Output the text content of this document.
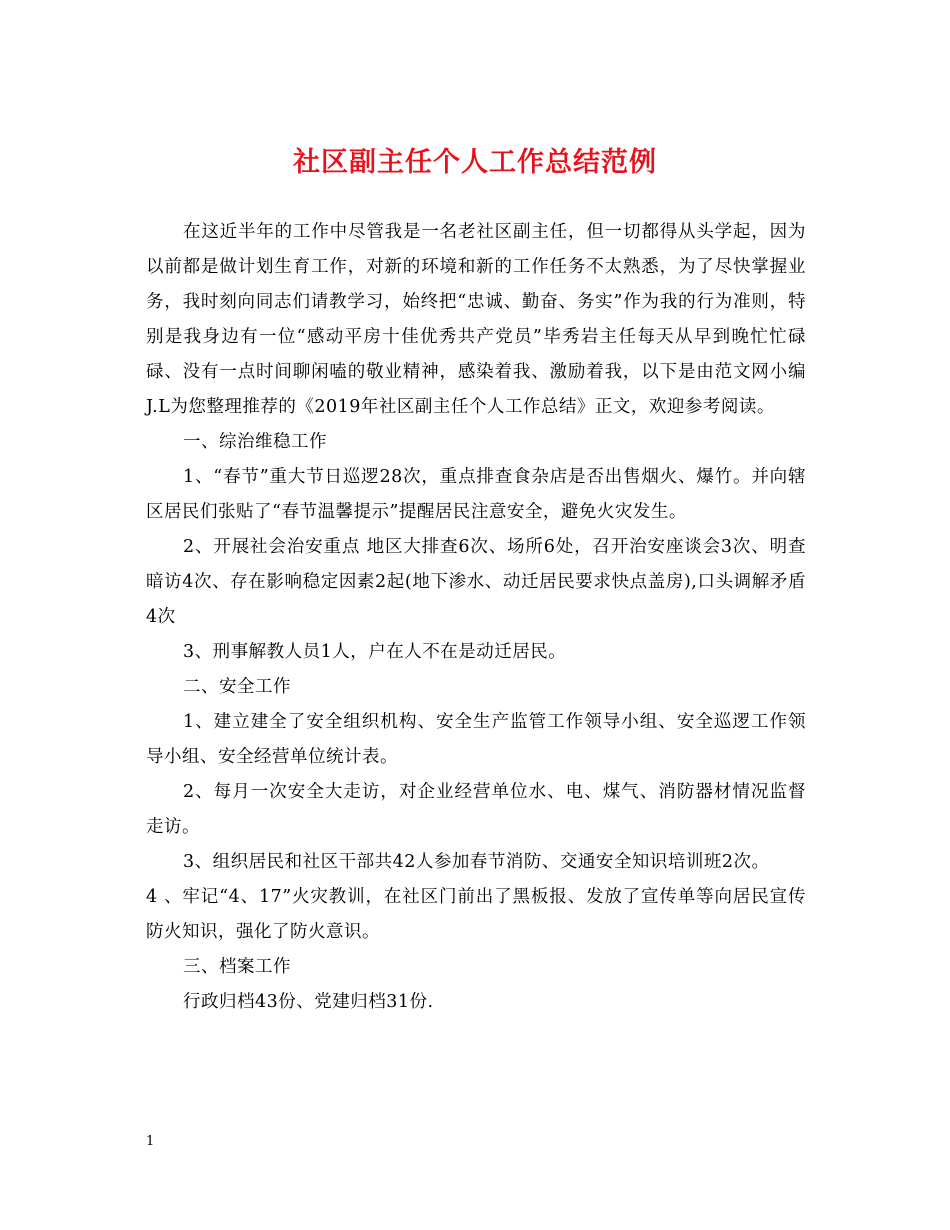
社区副主任个人工作总结范例

在这近半年的工作中尽管我是一名老社区副主任，但一切都得从头学起，因为以前都是做计划生育工作，对新的环境和新的工作任务不太熟悉，为了尽快掌握业务，我时刻向同志们请教学习，始终把“忠诚、勤奋、务实”作为我的行为准则，特别是我身边有一位“感动平房十佳优秀共产党员”毕秀岩主任每天从早到晚忙忙碌碌、没有一点时间聊闲嗑的敬业精神，感染着我、激励着我，以下是由范文网小编J.L为您整理推荐的《2019年社区副主任个人工作总结》正文，欢迎参考阅读。

一、综治维稳工作

1、“春节”重大节日巡逻28次，重点排查食杂店是否出售烟火、爆竹。并向辖区居民们张贴了“春节温馨提示”提醒居民注意安全，避免火灾发生。

2、开展社会治安重点 地区大排查6次、场所6处，召开治安座谈会3次、明查暗访4次、存在影响稳定因素2起(地下渗水、动迁居民要求快点盖房),口头调解矛盾4次

3、刑事解教人员1人，户在人不在是动迁居民。

二、安全工作

1、建立建全了安全组织机构、安全生产监管工作领导小组、安全巡逻工作领导小组、安全经营单位统计表。

2、每月一次安全大走访，对企业经营单位水、电、煤气、消防器材情况监督走访。

3、组织居民和社区干部共42人参加春节消防、交通安全知识培训班2次。

4 、牢记“4、17”火灾教训，在社区门前出了黑板报、发放了宣传单等向居民宣传防火知识，强化了防火意识。

三、档案工作

行政归档43份、党建归档31份.

1
